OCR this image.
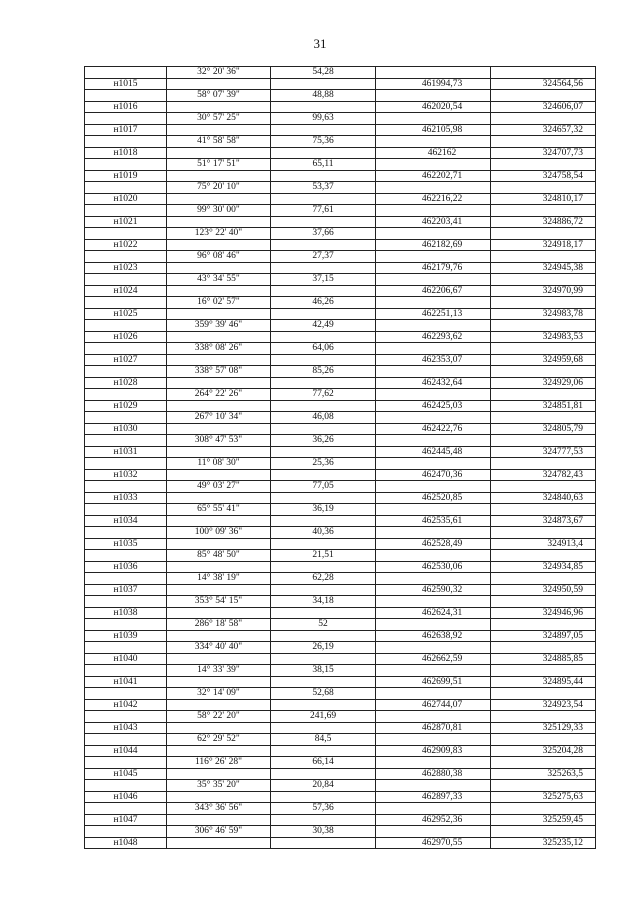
31
	32° 20' 36"	54,28		
н1015			461994,73	324564,56
	58° 07' 39"	48,88		
н1016			462020,54	324606,07
	30° 57' 25"	99,63		
н1017			462105,98	324657,32
	41° 58' 58"	75,36		
н1018			462162	324707,73
	51° 17' 51"	65,11		
н1019			462202,71	324758,54
	75° 20' 10"	53,37		
н1020			462216,22	324810,17
	99° 30' 00"	77,61		
н1021			462203,41	324886,72
	123° 22' 40"	37,66		
н1022			462182,69	324918,17
	96° 08' 46"	27,37		
н1023			462179,76	324945,38
	43° 34' 55"	37,15		
н1024			462206,67	324970,99
	16° 02' 57"	46,26		
н1025			462251,13	324983,78
	359° 39' 46"	42,49		
н1026			462293,62	324983,53
	338° 08' 26"	64,06		
н1027			462353,07	324959,68
	338° 57' 08"	85,26		
н1028			462432,64	324929,06
	264° 22' 26"	77,62		
н1029			462425,03	324851,81
	267° 10' 34"	46,08		
н1030			462422,76	324805,79
	308° 47' 53"	36,26		
н1031			462445,48	324777,53
	11° 08' 30"	25,36		
н1032			462470,36	324782,43
	49° 03' 27"	77,05		
н1033			462520,85	324840,63
	65° 55' 41"	36,19		
н1034			462535,61	324873,67
	100° 09' 36"	40,36		
н1035			462528,49	324913,4
	85° 48' 50"	21,51		
н1036			462530,06	324934,85
	14° 38' 19"	62,28		
н1037			462590,32	324950,59
	353° 54' 15"	34,18		
н1038			462624,31	324946,96
	286° 18' 58"	52		
н1039			462638,92	324897,05
	334° 40' 40"	26,19		
н1040			462662,59	324885,85
	14° 33' 39"	38,15		
н1041			462699,51	324895,44
	32° 14' 09"	52,68		
н1042			462744,07	324923,54
	58° 22' 20"	241,69		
н1043			462870,81	325129,33
	62° 29' 52"	84,5		
н1044			462909,83	325204,28
	116° 26' 28"	66,14		
н1045			462880,38	325263,5
	35° 35' 20"	20,84		
н1046			462897,33	325275,63
	343° 36' 56"	57,36		
н1047			462952,36	325259,45
	306° 46' 59"	30,38		
н1048			462970,55	325235,12
